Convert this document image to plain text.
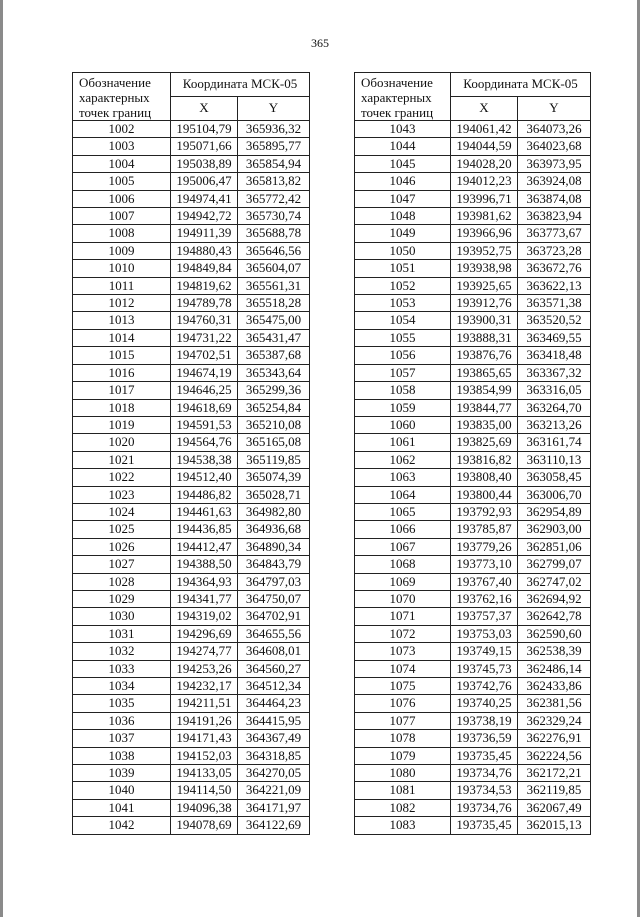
365
Обозначение характерных точек границ	Координата МСК-05	
	X	Y
1002	195104,79	365936,32
1003	195071,66	365895,77
1004	195038,89	365854,94
1005	195006,47	365813,82
1006	194974,41	365772,42
1007	194942,72	365730,74
1008	194911,39	365688,78
1009	194880,43	365646,56
1010	194849,84	365604,07
1011	194819,62	365561,31
1012	194789,78	365518,28
1013	194760,31	365475,00
1014	194731,22	365431,47
1015	194702,51	365387,68
1016	194674,19	365343,64
1017	194646,25	365299,36
1018	194618,69	365254,84
1019	194591,53	365210,08
1020	194564,76	365165,08
1021	194538,38	365119,85
1022	194512,40	365074,39
1023	194486,82	365028,71
1024	194461,63	364982,80
1025	194436,85	364936,68
1026	194412,47	364890,34
1027	194388,50	364843,79
1028	194364,93	364797,03
1029	194341,77	364750,07
1030	194319,02	364702,91
1031	194296,69	364655,56
1032	194274,77	364608,01
1033	194253,26	364560,27
1034	194232,17	364512,34
1035	194211,51	364464,23
1036	194191,26	364415,95
1037	194171,43	364367,49
1038	194152,03	364318,85
1039	194133,05	364270,05
1040	194114,50	364221,09
1041	194096,38	364171,97
1042	194078,69	364122,69
Обозначение характерных точек границ	Координата МСК-05	
	X	Y
1043	194061,42	364073,26
1044	194044,59	364023,68
1045	194028,20	363973,95
1046	194012,23	363924,08
1047	193996,71	363874,08
1048	193981,62	363823,94
1049	193966,96	363773,67
1050	193952,75	363723,28
1051	193938,98	363672,76
1052	193925,65	363622,13
1053	193912,76	363571,38
1054	193900,31	363520,52
1055	193888,31	363469,55
1056	193876,76	363418,48
1057	193865,65	363367,32
1058	193854,99	363316,05
1059	193844,77	363264,70
1060	193835,00	363213,26
1061	193825,69	363161,74
1062	193816,82	363110,13
1063	193808,40	363058,45
1064	193800,44	363006,70
1065	193792,93	362954,89
1066	193785,87	362903,00
1067	193779,26	362851,06
1068	193773,10	362799,07
1069	193767,40	362747,02
1070	193762,16	362694,92
1071	193757,37	362642,78
1072	193753,03	362590,60
1073	193749,15	362538,39
1074	193745,73	362486,14
1075	193742,76	362433,86
1076	193740,25	362381,56
1077	193738,19	362329,24
1078	193736,59	362276,91
1079	193735,45	362224,56
1080	193734,76	362172,21
1081	193734,53	362119,85
1082	193734,76	362067,49
1083	193735,45	362015,13
